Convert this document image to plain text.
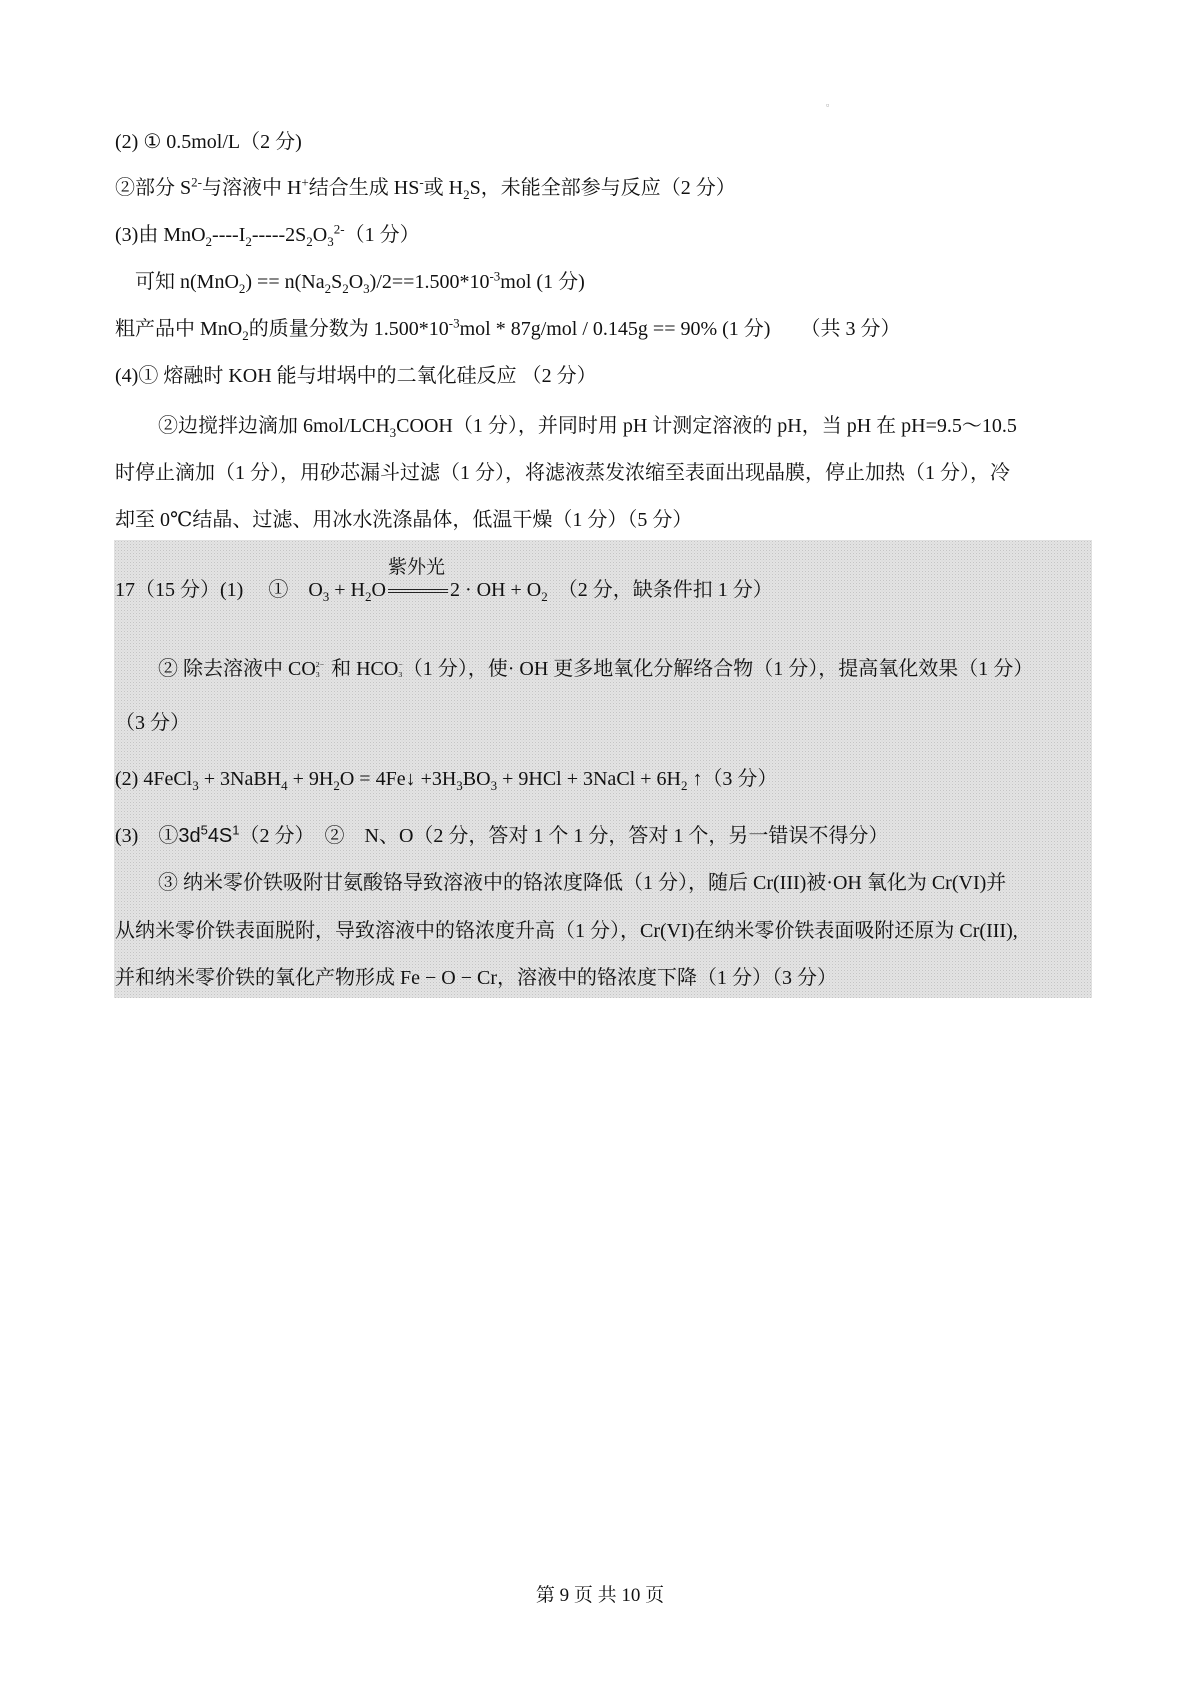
▫
(2) ① 0.5mol/L（2 分)
②部分 $S^{2-}$与溶液中 H+结合生成 HS-或 $H_2S$，未能全部参与反应（2 分）
(3)由 $MnO_2----I_2-----2S_2O_3^{2-}(1$ 分）
可知 $n(MnO_2) == n(Na_2S_2O_3)/2==1.500*10^{-3}mol$ (1 分)
粗产品中 MnO$_2$的质量分数为 $1.500*10^{-3}mol * 87g/mol / 0.145g == 90\%$ (1 分)　　（共 3 分）
(4)① 熔融时 KOH 能与坩埚中的二氧化硅反应 （2 分）
②边搅拌边滴加 $6mol/LCH_3COOH(1$ 分），并同时用 pH 计测定溶液的 pH，当 pH 在 pH=9.5～10.5
时停止滴加（1 分），用砂芯漏斗过滤（1 分），将滤液蒸发浓缩至表面出现晶膜，停止加热（1 分），冷
却至 0℃结晶、过滤、用冰水洗涤晶体，低温干燥（1 分）（5 分）
17（15 分）(1)　 ①　$O_3 + H_2O$
紫外光
2 · OH + $O_2$　（2 分，缺条件扣 1 分）
② 除去溶液中 CO 2−
3 和 HCO −
3 （1 分），使· OH 更多地氧化分解络合物（1 分），提高氧化效果（1 分）
（3 分）
(2) 4FeCl$_3$ + 3NaBH$_4$ + $9H_2O$ = 4Fe↓ $+3H_3BO_3 + 9HCl$ + 3NaCl + $6H_2$ ↑（3 分）
(3)　$①3d^54S^1(2$ 分）　②　N、O（2 分，答对 1 个 1 分，答对 1 个，另一错误不得分）
③ 纳米零价铁吸附甘氨酸铬导致溶液中的铬浓度降低（1 分），随后 Cr(III)被·OH 氧化为 Cr(VI)并
从纳米零价铁表面脱附，导致溶液中的铬浓度升高（1 分），Cr(VI)在纳米零价铁表面吸附还原为 Cr(III),
并和纳米零价铁的氧化产物形成 Fe − O − Cr，溶液中的铬浓度下降（1 分）（3 分）
第 9 页 共 10 页
